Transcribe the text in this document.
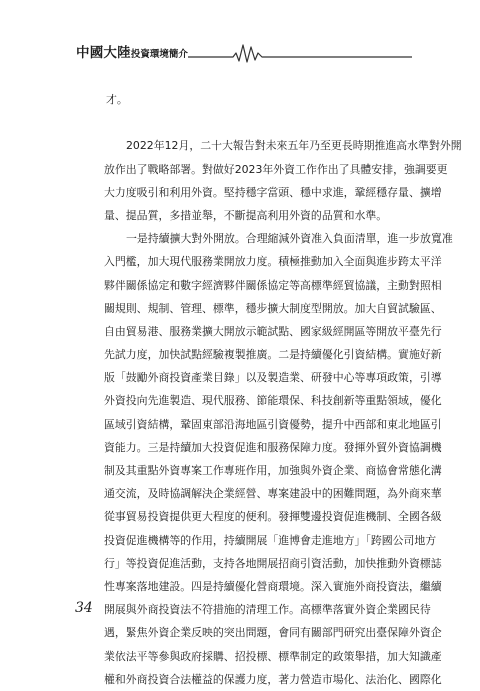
中國大陸投資環境簡介
才。
2022年12月，二十大報告對未來五年乃至更長時期推進高水準對外開
放作出了戰略部署。對做好2023年外資工作作出了具體安排，強調要更
大力度吸引和利用外資。堅持穩字當頭、穩中求進，鞏經穩存量、擴增
量、提品質，多措並舉，不斷提高利用外資的品質和水準。
一是持續擴大對外開放。合理縮減外資准入負面清單，進一步放寬准
入門檻，加大現代服務業開放力度。積極推動加入全面與進步跨太平洋
夥伴關係協定和數字經濟夥伴關係協定等高標準經貿協議，主動對照相
關規則、規制、管理、標準，穩步擴大制度型開放。加大自貿試驗區、
自由貿易港、服務業擴大開放示範試點、國家級經開區等開放平臺先行
先試力度，加快試點經驗複製推廣。二是持續優化引資結構。實施好新
版「鼓勵外商投資產業目錄」以及製造業、研發中心等專項政策，引導
外資投向先進製造、現代服務、節能環保、科技創新等重點領域，優化
區域引資結構，鞏固東部沿海地區引資優勢，提升中西部和東北地區引
資能力。三是持續加大投資促進和服務保障力度。發揮外貿外資協調機
制及其重點外資專案工作專班作用，加強與外資企業、商協會常態化溝
通交流，及時協調解決企業經營、專案建設中的困難問題，為外商來華
從事貿易投資提供更大程度的便利。發揮雙邊投資促進機制、全國各級
投資促進機構等的作用，持續開展「進博會走進地方」「跨國公司地方
行」等投資促進活動，支持各地開展招商引資活動，加快推動外資標誌
性專案落地建設。四是持續優化營商環境。深入實施外商投資法，繼續
開展與外商投資法不符措施的清理工作。高標準落實外資企業國民待
遇，緊焦外資企業反映的突出問題，會同有關部門研究出臺保障外資企
業依法平等參與政府採購、招投標、標準制定的政策舉措，加大知識產
權和外商投資合法權益的保護力度，著力營造市場化、法治化、國際化
34
